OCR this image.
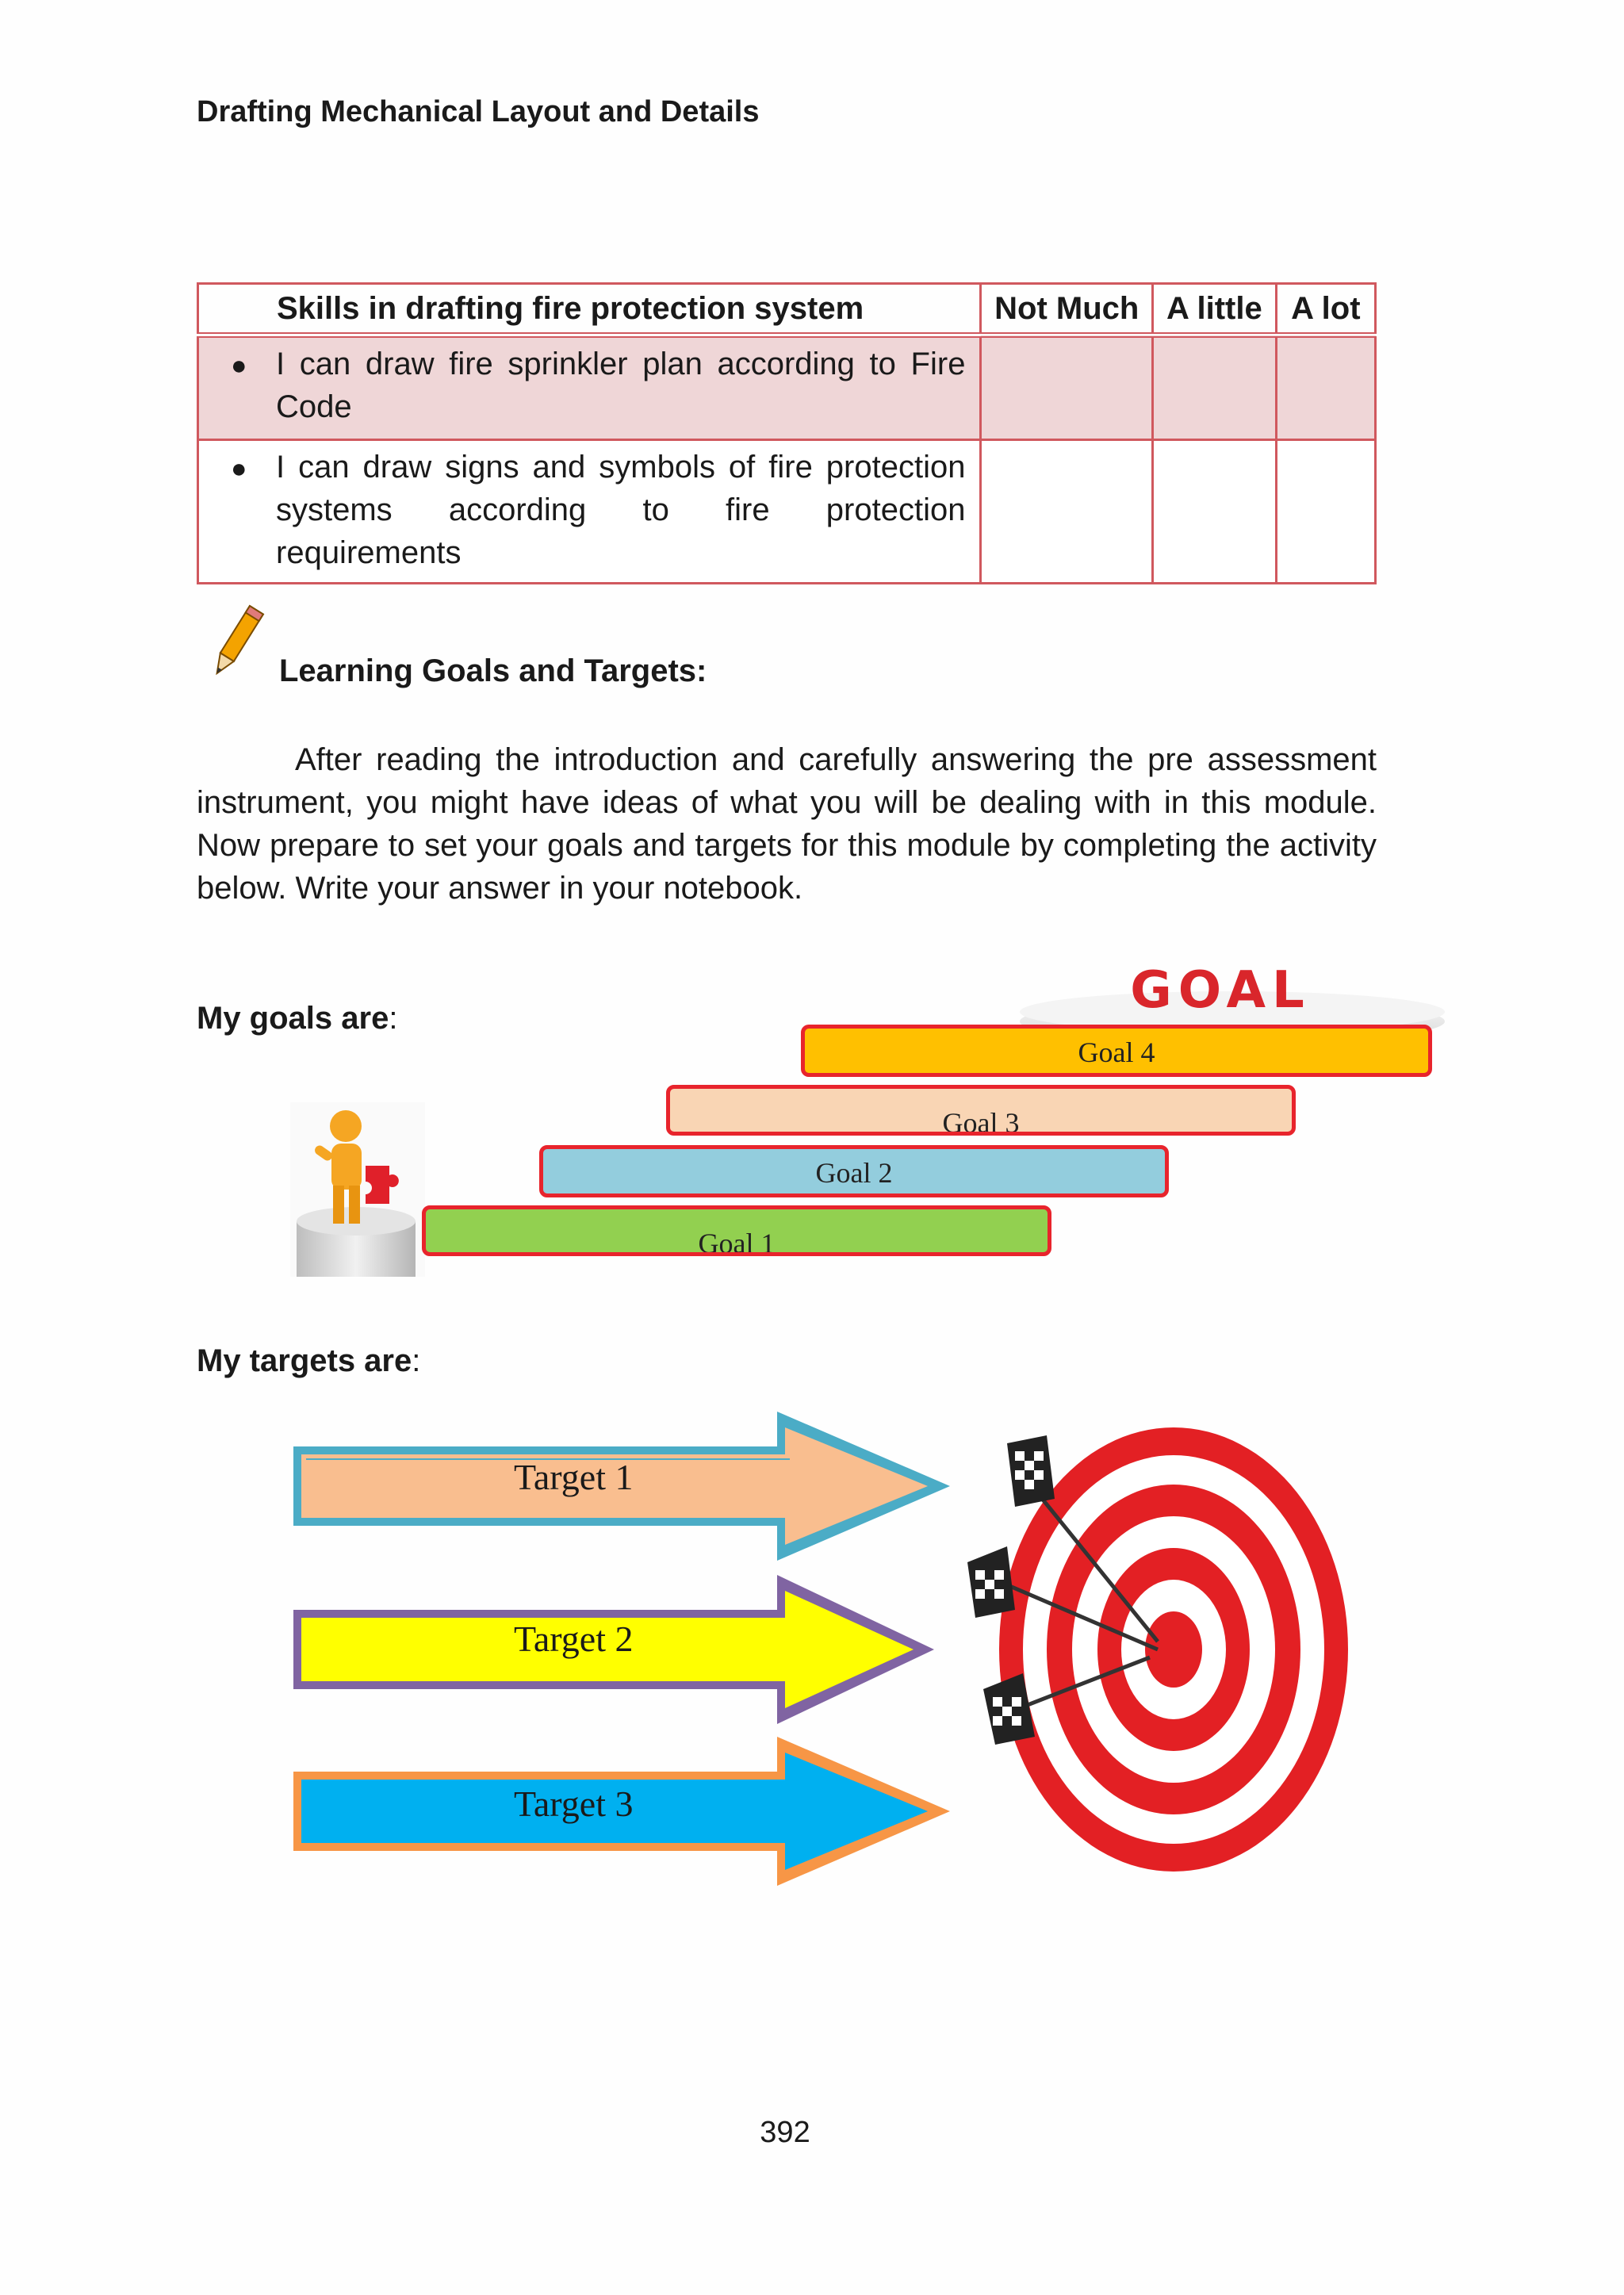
Drafting Mechanical Layout and Details
Skills in drafting fire protection system	Not Much	A little	A lot

● I can draw fire sprinkler plan according to Fire Code			

● I can draw signs and symbols of fire protection
systems according to fire protection
requirements			

Learning Goals and Targets:
After reading the introduction and carefully answering the pre assessment instrument, you might have ideas of what you will be dealing with in this module. Now prepare to set your goals and targets for this module by completing the activity below. Write your answer in your notebook.
My goals are:	GOAL
Goal 4
Goal 3
Goal 2
Goal 1
My targets are:
Target 1
Target 2
Target 3
392
